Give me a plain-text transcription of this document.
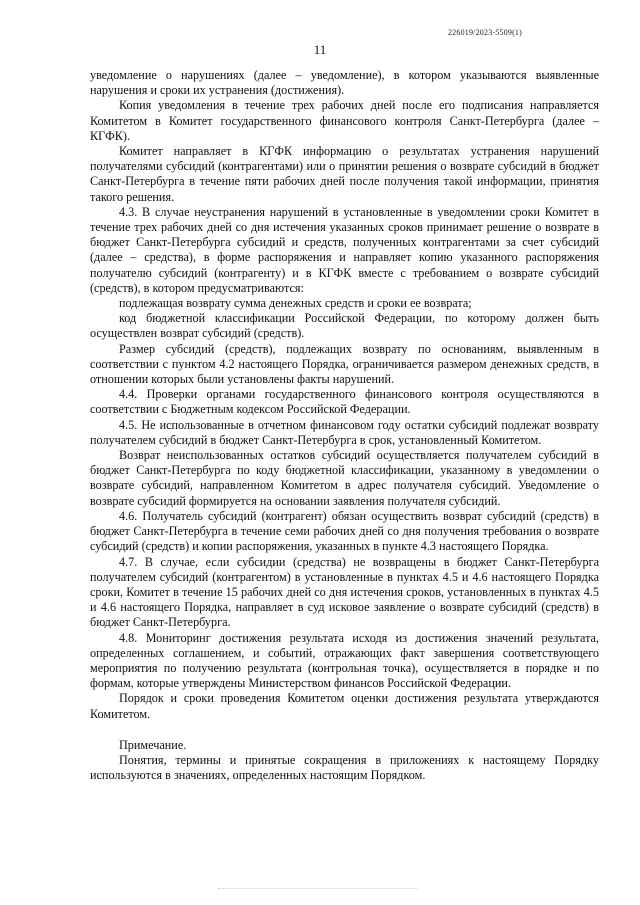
226019/2023-5509(1)
11

уведомление о нарушениях (далее – уведомление), в котором указываются выявленные нарушения и сроки их устранения (достижения).

Копия уведомления в течение трех рабочих дней после его подписания направляется Комитетом в Комитет государственного финансового контроля Санкт-Петербурга (далее – КГФК).

Комитет направляет в КГФК информацию о результатах устранения нарушений получателями субсидий (контрагентами) или о принятии решения о возврате субсидий в бюджет Санкт-Петербурга в течение пяти рабочих дней после получения такой информации, принятия такого решения.

4.3. В случае неустранения нарушений в установленные в уведомлении сроки Комитет в течение трех рабочих дней со дня истечения указанных сроков принимает решение о возврате в бюджет Санкт-Петербурга субсидий и средств, полученных контрагентами за счет субсидий (далее – средства), в форме распоряжения и направляет копию указанного распоряжения получателю субсидий (контрагенту) и в КГФК вместе с требованием о возврате субсидий (средств), в котором предусматриваются:

подлежащая возврату сумма денежных средств и сроки ее возврата;

код бюджетной классификации Российской Федерации, по которому должен быть осуществлен возврат субсидий (средств).

Размер субсидий (средств), подлежащих возврату по основаниям, выявленным в соответствии с пунктом 4.2 настоящего Порядка, ограничивается размером денежных средств, в отношении которых были установлены факты нарушений.

4.4. Проверки органами государственного финансового контроля осуществляются в соответствии с Бюджетным кодексом Российской Федерации.

4.5. Не использованные в отчетном финансовом году остатки субсидий подлежат возврату получателем субсидий в бюджет Санкт-Петербурга в срок, установленный Комитетом.

Возврат неиспользованных остатков субсидий осуществляется получателем субсидий в бюджет Санкт-Петербурга по коду бюджетной классификации, указанному в уведомлении о возврате субсидий, направленном Комитетом в адрес получателя субсидий. Уведомление о возврате субсидий формируется на основании заявления получателя субсидий.

4.6. Получатель субсидий (контрагент) обязан осуществить возврат субсидий (средств) в бюджет Санкт-Петербурга в течение семи рабочих дней со дня получения требования о возврате субсидий (средств) и копии распоряжения, указанных в пункте 4.3 настоящего Порядка.

4.7. В случае, если субсидии (средства) не возвращены в бюджет Санкт-Петербурга получателем субсидий (контрагентом) в установленные в пунктах 4.5 и 4.6 настоящего Порядка сроки, Комитет в течение 15 рабочих дней со дня истечения сроков, установленных в пунктах 4.5 и 4.6 настоящего Порядка, направляет в суд исковое заявление о возврате субсидий (средств) в бюджет Санкт-Петербурга.

4.8. Мониторинг достижения результата исходя из достижения значений результата, определенных соглашением, и событий, отражающих факт завершения соответствующего мероприятия по получению результата (контрольная точка), осуществляется в порядке и по формам, которые утверждены Министерством финансов Российской Федерации.

Порядок и сроки проведения Комитетом оценки достижения результата утверждаются Комитетом.

Примечание.

Понятия, термины и принятые сокращения в приложениях к настоящему Порядку используются в значениях, определенных настоящим Порядком.
